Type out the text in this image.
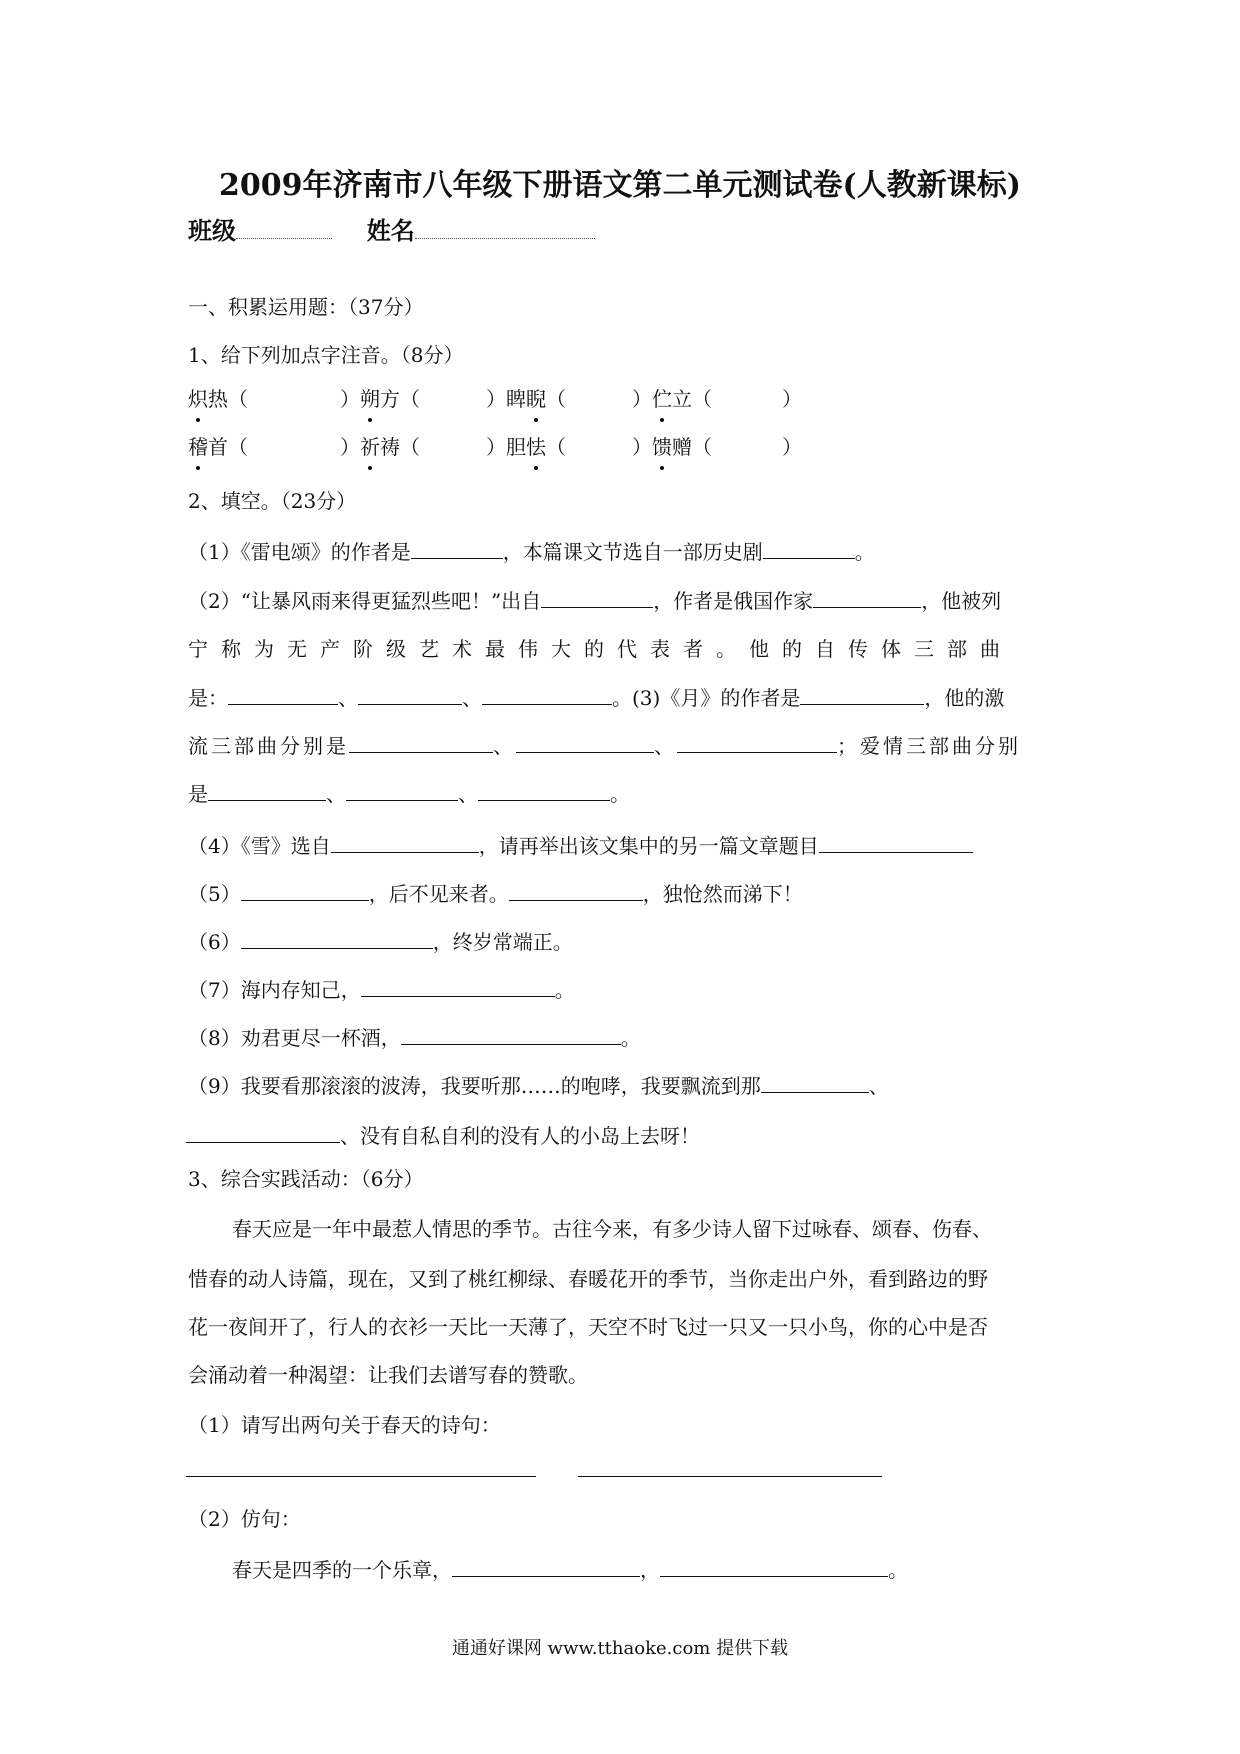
2009年济南市八年级下册语文第二单元测试卷(人教新课标)
班级	姓名
一、积累运用题：（37分）
1、给下列加点字注音。（8分）
炽热（	）朔方（	）睥睨（	）伫立（	）
稽首（	）祈祷（	）胆怯（	）馈赠（	）
2、填空。（23分）
（1）《雷电颂》的作者是	，本篇课文节选自一部历史剧	。
（2）“让暴风雨来得更猛烈些吧！”出自	，作者是俄国作家	，他被列
宁称为无产阶级艺术最伟大的代表者。他的自传体三部曲
是：	、	、	。(3)《月》的作者是	，他的激
流三部曲分别是	、	、	；爱情三部曲分别
是	、	、	。
（4）《雪》选自	，请再举出该文集中的另一篇文章题目
（5）	，后不见来者。	，独怆然而涕下！
（6）	，终岁常端正。
（7）海内存知己，	。
（8）劝君更尽一杯酒，	。
（9）我要看那滚滚的波涛，我要听那……的咆哮，我要飘流到那	、
、没有自私自利的没有人的小岛上去呀！
3、综合实践活动：（6分）
春天应是一年中最惹人情思的季节。古往今来，有多少诗人留下过咏春、颂春、伤春、
惜春的动人诗篇，现在，又到了桃红柳绿、春暖花开的季节，当你走出户外，看到路边的野
花一夜间开了，行人的衣衫一天比一天薄了，天空不时飞过一只又一只小鸟，你的心中是否
会涌动着一种渴望：让我们去谱写春的赞歌。
（1）请写出两句关于春天的诗句：
（2）仿句：
春天是四季的一个乐章，	，	。
通通好课网 www.tthaoke.com 提供下载
